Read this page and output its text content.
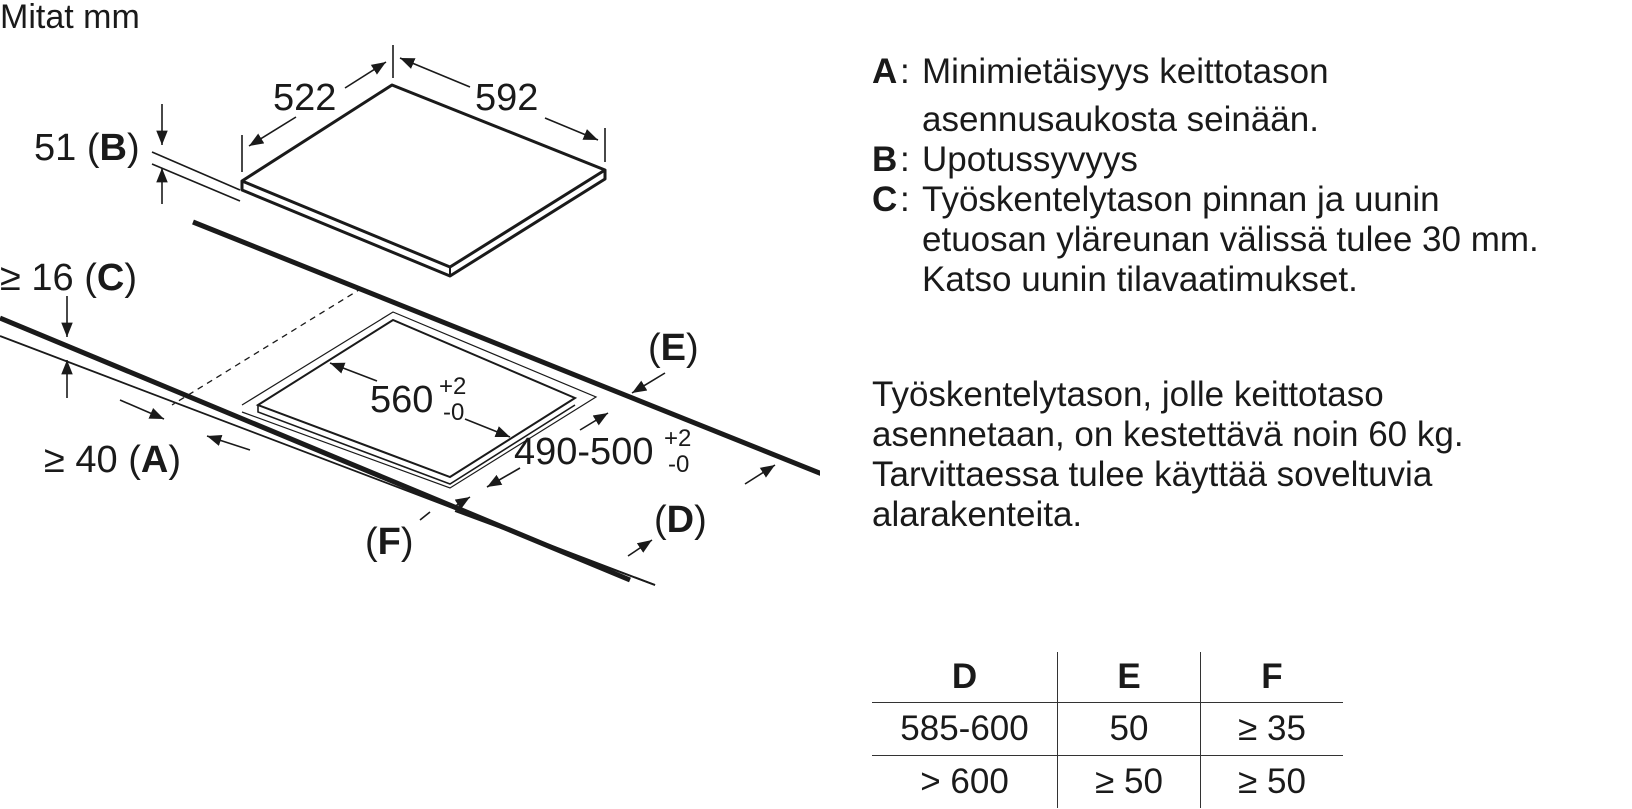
Mitat mm
522	592
51 (B)
≥ 16 (C)
≥ 40 (A)
560 +2
-0
490-500 +2
-0
(E)
(D)
(F)
A : Minimietäisyys keittotason
asennusaukosta seinään.
B : Upotussyvyys
C : Työskentelytason pinnan ja uunin
etuosan yläreunan välissä tulee 30 mm.
Katso uunin tilavaatimukset.
Työskentelytason, jolle keittotaso
asennetaan, on kestettävä noin 60 kg.
Tarvittaessa tulee käyttää soveltuvia
alarakenteita.
D	E	F
585-600	50	≥ 35
> 600	≥ 50	≥ 50
